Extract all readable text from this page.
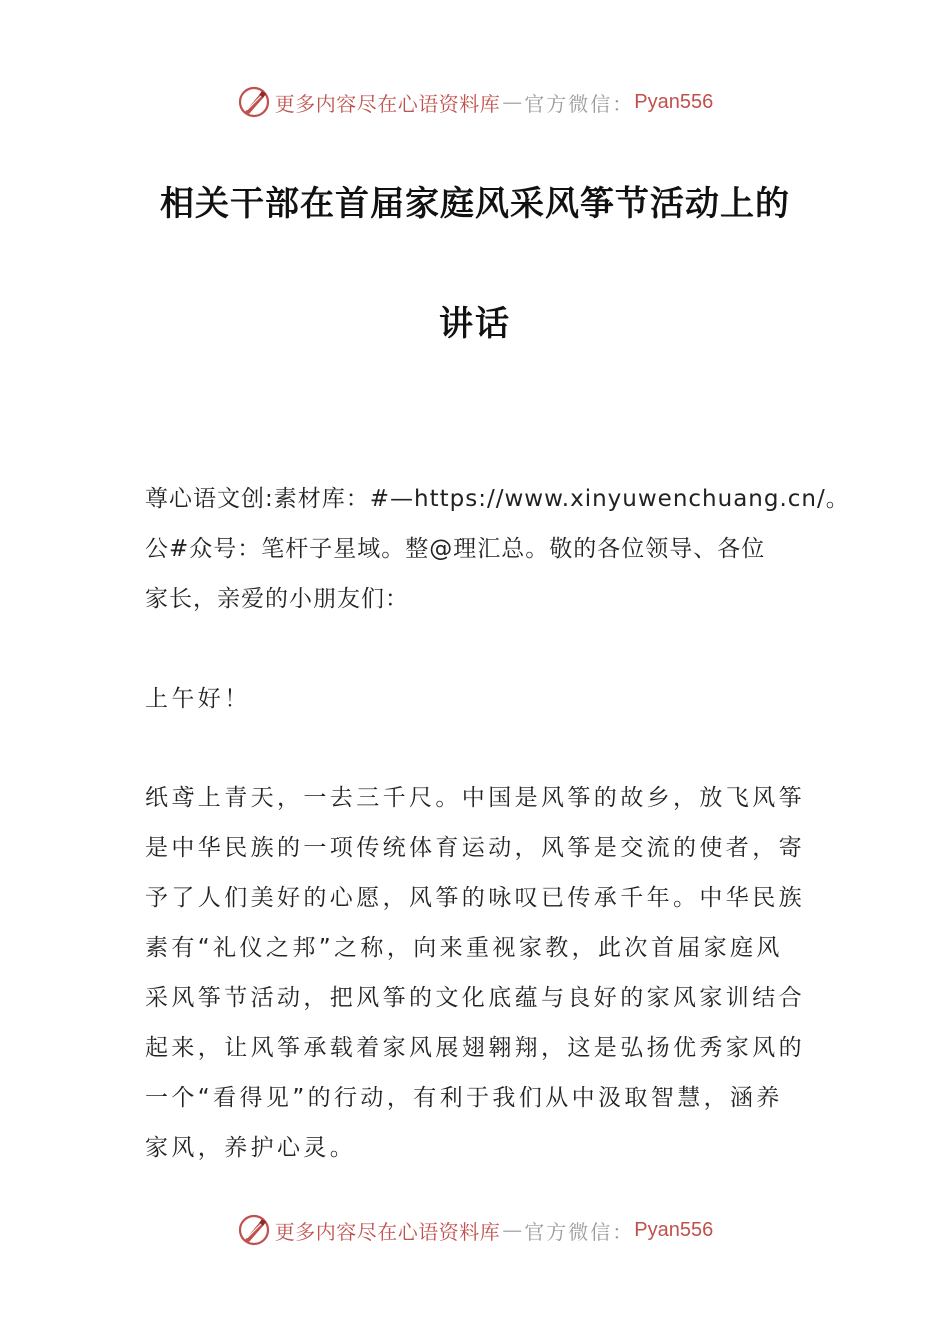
更多内容尽在心语资料库 — 官方微信： Pyan556
相关干部在首届家庭风采风筝节活动上的
讲话
尊心语文创:素材库：#—https://www.xinyuwenchuang.cn/。
公#众号：笔杆子星域。整@理汇总。敬的各位领导、各位
家长，亲爱的小朋友们：
上午好！
纸鸢上青天，一去三千尺。中国是风筝的故乡，放飞风筝
是中华民族的一项传统体育运动，风筝是交流的使者，寄
予了人们美好的心愿，风筝的咏叹已传承千年。中华民族
素有“礼仪之邦”之称，向来重视家教，此次首届家庭风
采风筝节活动，把风筝的文化底蕴与良好的家风家训结合
起来，让风筝承载着家风展翅翱翔，这是弘扬优秀家风的
一个“看得见”的行动，有利于我们从中汲取智慧，涵养
家风，养护心灵。
更多内容尽在心语资料库 — 官方微信： Pyan556
